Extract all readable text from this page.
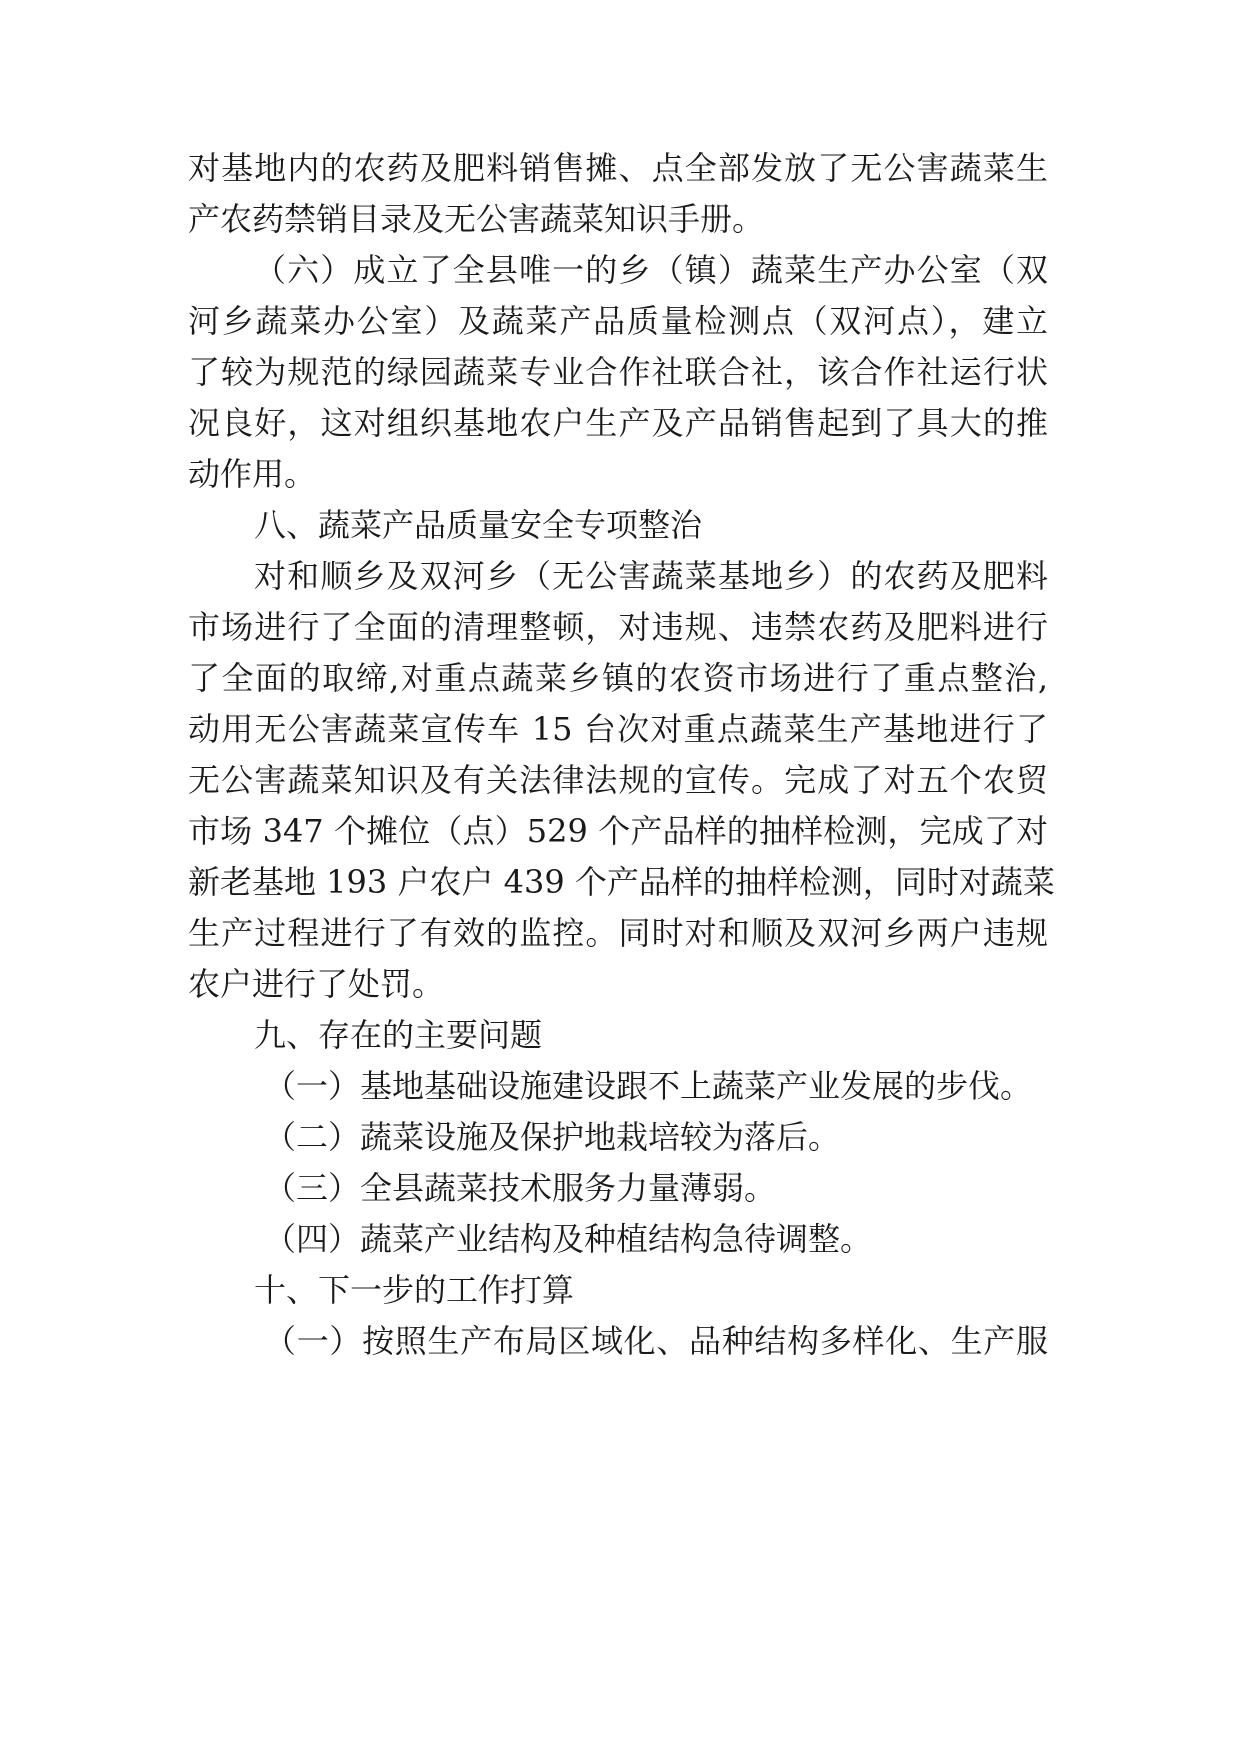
对基地内的农药及肥料销售摊、点全部发放了无公害蔬菜生
产农药禁销目录及无公害蔬菜知识手册。
（六）成立了全县唯一的乡（镇）蔬菜生产办公室（双
河乡蔬菜办公室）及蔬菜产品质量检测点（双河点），建立
了较为规范的绿园蔬菜专业合作社联合社，该合作社运行状
况良好，这对组织基地农户生产及产品销售起到了具大的推
动作用。
八、蔬菜产品质量安全专项整治
对和顺乡及双河乡（无公害蔬菜基地乡）的农药及肥料
市场进行了全面的清理整顿，对违规、违禁农药及肥料进行
了全面的取缔,对重点蔬菜乡镇的农资市场进行了重点整治,
动用无公害蔬菜宣传车 15 台次对重点蔬菜生产基地进行了
无公害蔬菜知识及有关法律法规的宣传。完成了对五个农贸
市场 347 个摊位（点）529 个产品样的抽样检测，完成了对
新老基地 193 户农户 439 个产品样的抽样检测，同时对蔬菜
生产过程进行了有效的监控。同时对和顺及双河乡两户违规
农户进行了处罚。
九、存在的主要问题
（一）基地基础设施建设跟不上蔬菜产业发展的步伐。
（二）蔬菜设施及保护地栽培较为落后。
（三）全县蔬菜技术服务力量薄弱。
（四）蔬菜产业结构及种植结构急待调整。
十、下一步的工作打算
（一）按照生产布局区域化、品种结构多样化、生产服
